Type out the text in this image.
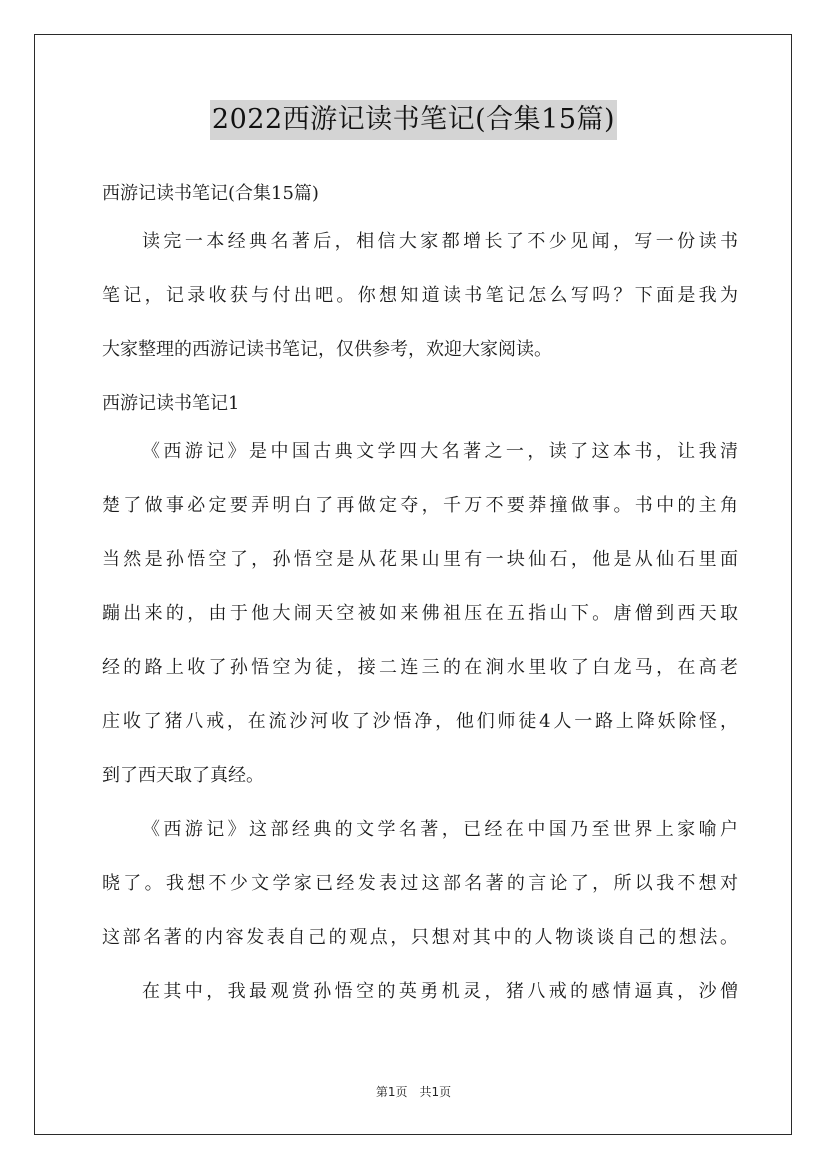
2022西游记读书笔记(合集15篇)
西游记读书笔记(合集15篇)
读完一本经典名著后，相信大家都增长了不少见闻，写一份读书
笔记，记录收获与付出吧。你想知道读书笔记怎么写吗？下面是我为
大家整理的西游记读书笔记，仅供参考，欢迎大家阅读。
西游记读书笔记1
《西游记》是中国古典文学四大名著之一，读了这本书，让我清
楚了做事必定要弄明白了再做定夺，千万不要莽撞做事。书中的主角
当然是孙悟空了，孙悟空是从花果山里有一块仙石，他是从仙石里面
蹦出来的，由于他大闹天空被如来佛祖压在五指山下。唐僧到西天取
经的路上收了孙悟空为徒，接二连三的在涧水里收了白龙马，在高老
庄收了猪八戒，在流沙河收了沙悟净，他们师徒4人一路上降妖除怪，
到了西天取了真经。
《西游记》这部经典的文学名著，已经在中国乃至世界上家喻户
晓了。我想不少文学家已经发表过这部名著的言论了，所以我不想对
这部名著的内容发表自己的观点，只想对其中的人物谈谈自己的想法。
在其中，我最观赏孙悟空的英勇机灵，猪八戒的感情逼真，沙僧
第1页　共1页
